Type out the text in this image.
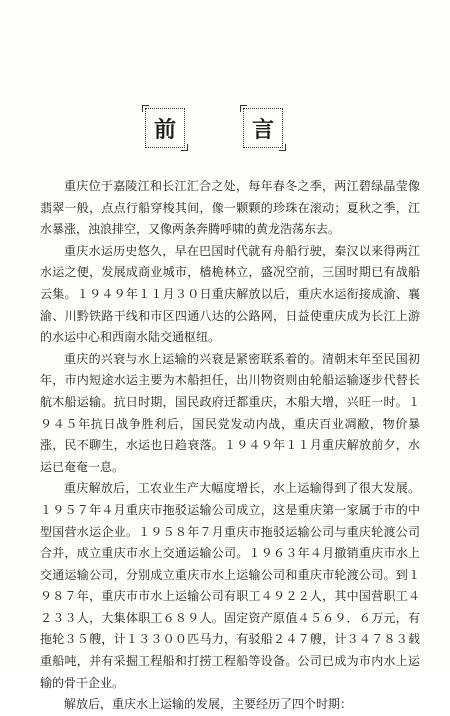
前	言

重庆位于嘉陵江和长江汇合之处，每年春冬之季，两江碧绿晶莹像翡翠一般，点点行船穿梭其间，像一颗颗的珍珠在滚动；夏秋之季，江水暴涨，浊浪排空，又像两条奔腾呼啸的黄龙浩荡东去。

重庆水运历史悠久，早在巴国时代就有舟船行驶，秦汉以来得两江水运之便，发展成商业城市，樯桅林立，盛况空前，三国时期已有战船云集。１９４９年１１月３０日重庆解放以后，重庆水运衔接成渝、襄渝、川黔铁路干线和市区四通八达的公路网，日益使重庆成为长江上游的水运中心和西南水陆交通枢纽。

重庆的兴衰与水上运输的兴衰是紧密联系着的。清朝末年至民国初年，市内短途水运主要为木船担任，出川物资则由轮船运输逐步代替长航木船运输。抗日时期，国民政府迁都重庆，木船大增，兴旺一时。１９４５年抗日战争胜利后，国民党发动内战，重庆百业凋敝，物价暴涨，民不聊生，水运也日趋衰落。１９４９年１１月重庆解放前夕，水运已奄奄一息。

重庆解放后，工农业生产大幅度增长，水上运输得到了很大发展。１９５７年４月重庆市拖驳运输公司成立，这是重庆第一家属于市的中型国营水运企业。１９５８年７月重庆市拖驳运输公司与重庆轮渡公司合并，成立重庆市水上交通运输公司。１９６３年４月撤销重庆市水上交通运输公司，分别成立重庆市水上运输公司和重庆市轮渡公司。到１９８７年，重庆市市水上运输公司有职工４９２２人，其中国营职工４２３３人，大集体职工６８９人。固定资产原值４５６９．６万元，有拖轮３５艘，计１３３００匹马力，有驳船２４７艘，计３４７８３载重船吨，并有采掘工程船和打捞工程船等设备。公司已成为市内水上运输的骨干企业。

解放后，重庆水上运输的发展，主要经历了四个时期：
